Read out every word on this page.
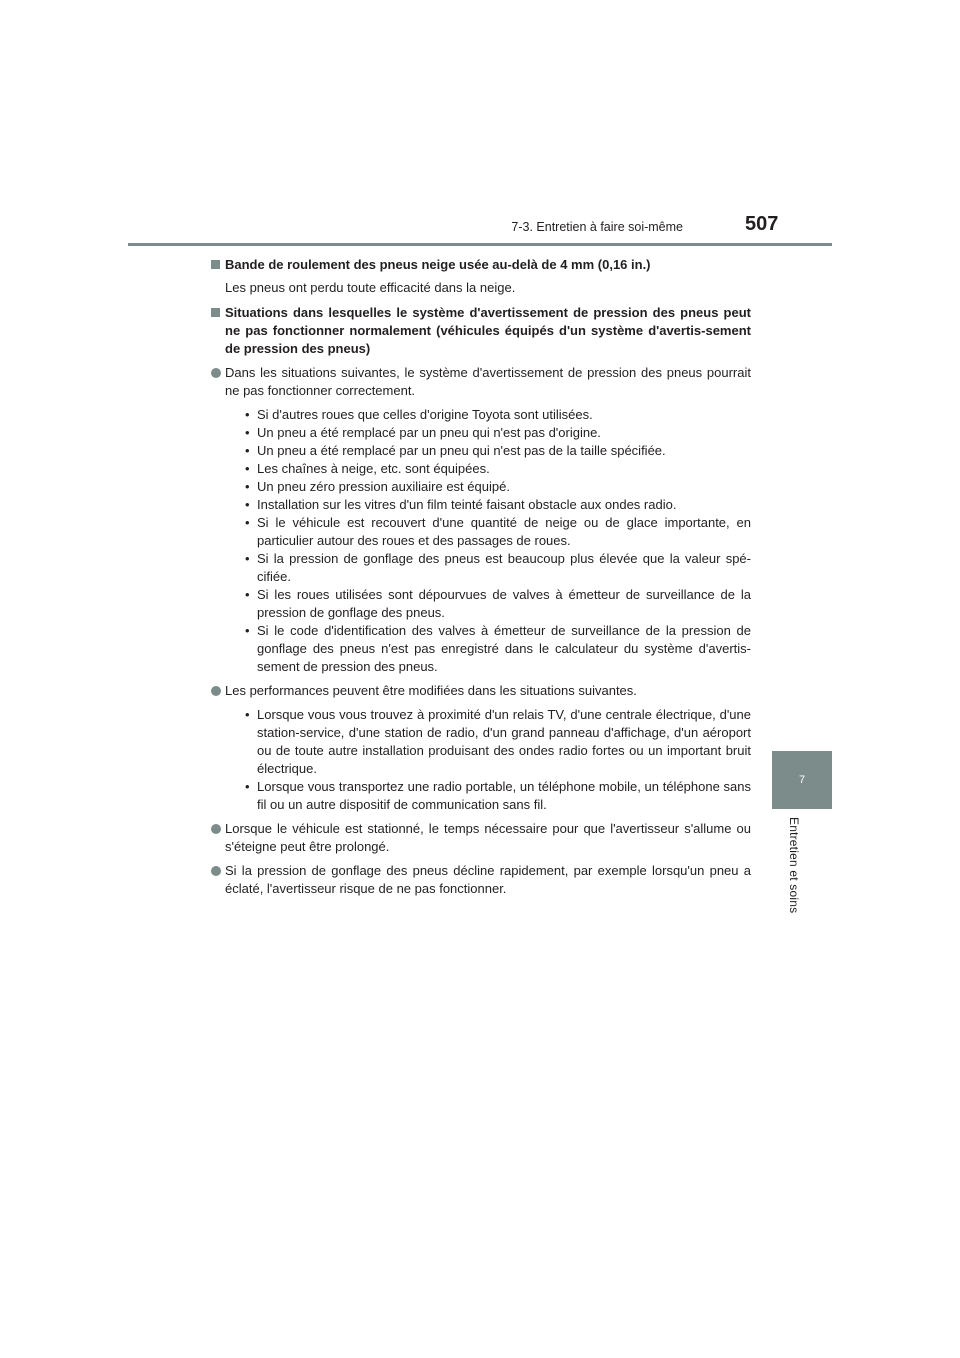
7-3. Entretien à faire soi-même	507
7
Entretien et soins
Bande de roulement des pneus neige usée au-delà de 4 mm (0,16 in.)
Les pneus ont perdu toute efficacité dans la neige.
Situations dans lesquelles le système d'avertissement de pression des pneus peut ne pas fonctionner normalement (véhicules équipés d'un système d'avertis-sement de pression des pneus)
Dans les situations suivantes, le système d'avertissement de pression des pneus pourrait ne pas fonctionner correctement.
• Si d'autres roues que celles d'origine Toyota sont utilisées.
• Un pneu a été remplacé par un pneu qui n'est pas d'origine.
• Un pneu a été remplacé par un pneu qui n'est pas de la taille spécifiée.
• Les chaînes à neige, etc. sont équipées.
• Un pneu zéro pression auxiliaire est équipé.
• Installation sur les vitres d'un film teinté faisant obstacle aux ondes radio.
• Si le véhicule est recouvert d'une quantité de neige ou de glace importante, en particulier autour des roues et des passages de roues.
• Si la pression de gonflage des pneus est beaucoup plus élevée que la valeur spé-cifiée.
• Si les roues utilisées sont dépourvues de valves à émetteur de surveillance de la pression de gonflage des pneus.
• Si le code d'identification des valves à émetteur de surveillance de la pression de gonflage des pneus n'est pas enregistré dans le calculateur du système d'avertis-sement de pression des pneus.
Les performances peuvent être modifiées dans les situations suivantes.
• Lorsque vous vous trouvez à proximité d'un relais TV, d'une centrale électrique, d'une station-service, d'une station de radio, d'un grand panneau d'affichage, d'un aéroport ou de toute autre installation produisant des ondes radio fortes ou un important bruit électrique.
• Lorsque vous transportez une radio portable, un téléphone mobile, un téléphone sans fil ou un autre dispositif de communication sans fil.
Lorsque le véhicule est stationné, le temps nécessaire pour que l'avertisseur s'allume ou s'éteigne peut être prolongé.
Si la pression de gonflage des pneus décline rapidement, par exemple lorsqu'un pneu a éclaté, l'avertisseur risque de ne pas fonctionner.
